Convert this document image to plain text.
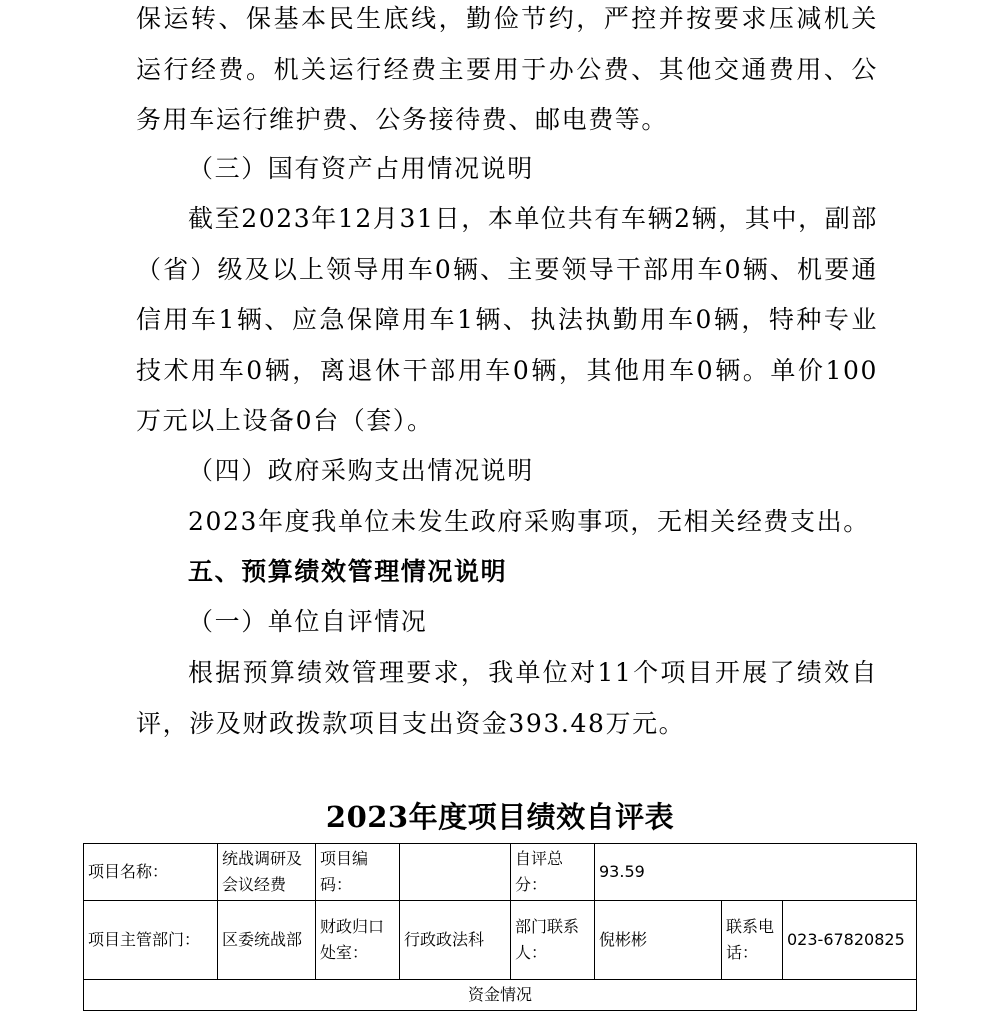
保运转、保基本民生底线，勤俭节约，严控并按要求压减机关运行经费。机关运行经费主要用于办公费、其他交通费用、公务用车运行维护费、公务接待费、邮电费等。

（三）国有资产占用情况说明

截至2023年12月31日，本单位共有车辆2辆，其中，副部（省）级及以上领导用车0辆、主要领导干部用车0辆、机要通信用车1辆、应急保障用车1辆、执法执勤用车0辆，特种专业技术用车0辆，离退休干部用车0辆，其他用车0辆。单价100万元以上设备0台（套）。

（四）政府采购支出情况说明

2023年度我单位未发生政府采购事项，无相关经费支出。

五、预算绩效管理情况说明

（一）单位自评情况

根据预算绩效管理要求，我单位对11个项目开展了绩效自评，涉及财政拨款项目支出资金393.48万元。

2023年度项目绩效自评表
项目名称：	统战调研及会议经费	项目编码：		自评总分：	93.59		
项目主管部门：	区委统战部	财政归口处室：	行政政法科	部门联系人：	倪彬彬	联系电话：	023-67820825
资金情况							
